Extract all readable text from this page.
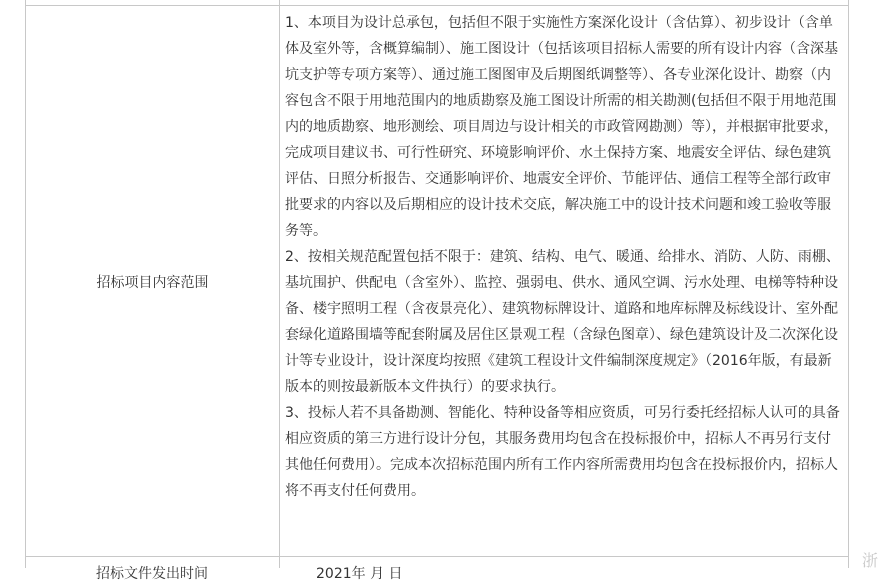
招标项目内容范围

1、本项目为设计总承包，包括但不限于实施性方案深化设计（含估算）、初步设计（含单体及室外等，含概算编制）、施工图设计（包括该项目招标人需要的所有设计内容（含深基坑支护等专项方案等）、通过施工图图审及后期图纸调整等）、各专业深化设计、勘察（内容包含不限于用地范围内的地质勘察及施工图设计所需的相关勘测(包括但不限于用地范围内的地质勘察、地形测绘、项目周边与设计相关的市政管网勘测）等），并根据审批要求，完成项目建议书、可行性研究、环境影响评价、水土保持方案、地震安全评估、绿色建筑评估、日照分析报告、交通影响评价、地震安全评价、节能评估、通信工程等全部行政审批要求的内容以及后期相应的设计技术交底，解决施工中的设计技术问题和竣工验收等服务等。

2、按相关规范配置包括不限于：建筑、结构、电气、暖通、给排水、消防、人防、雨棚、基坑围护、供配电（含室外）、监控、强弱电、供水、通风空调、污水处理、电梯等特种设备、楼宇照明工程（含夜景亮化）、建筑物标牌设计、道路和地库标牌及标线设计、室外配套绿化道路围墙等配套附属及居住区景观工程（含绿色图章）、绿色建筑设计及二次深化设计等专业设计，设计深度均按照《建筑工程设计文件编制深度规定》（2016年版，有最新版本的则按最新版本文件执行）的要求执行。

3、投标人若不具备勘测、智能化、特种设备等相应资质，可另行委托经招标人认可的具备相应资质的第三方进行设计分包，其服务费用均包含在投标报价中，招标人不再另行支付其他任何费用）。完成本次招标范围内所有工作内容所需费用均包含在投标报价内，招标人将不再支付任何费用。

招标文件发出时间	2021年 月 日
浙
